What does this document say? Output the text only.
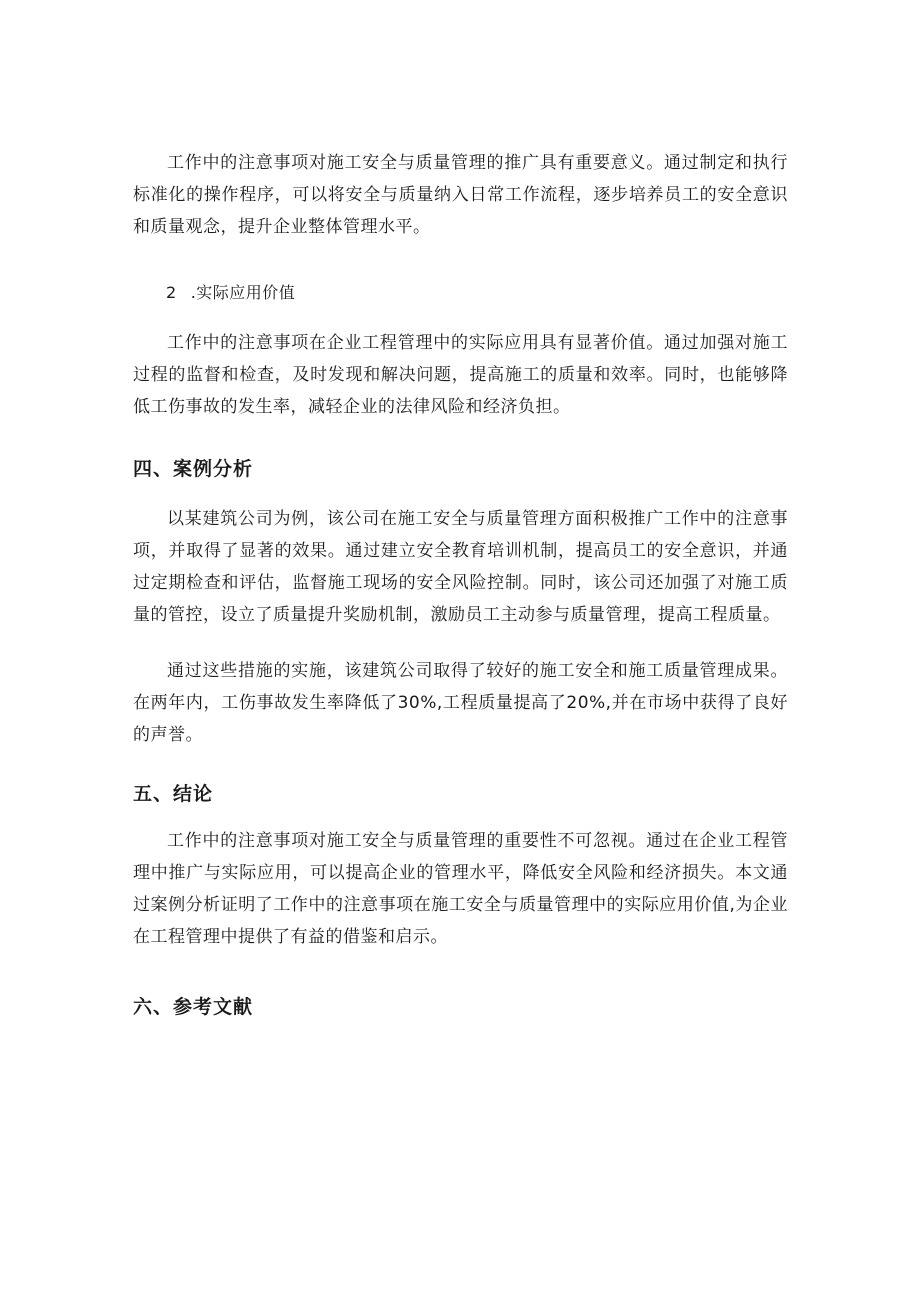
工作中的注意事项对施工安全与质量管理的推广具有重要意义。通过制定和执行标准化的操作程序，可以将安全与质量纳入日常工作流程，逐步培养员工的安全意识和质量观念，提升企业整体管理水平。

2 .实际应用价值

工作中的注意事项在企业工程管理中的实际应用具有显著价值。通过加强对施工过程的监督和检查，及时发现和解决问题，提高施工的质量和效率。同时，也能够降低工伤事故的发生率，减轻企业的法律风险和经济负担。

四、案例分析

以某建筑公司为例，该公司在施工安全与质量管理方面积极推广工作中的注意事项，并取得了显著的效果。通过建立安全教育培训机制，提高员工的安全意识，并通过定期检查和评估，监督施工现场的安全风险控制。同时，该公司还加强了对施工质量的管控，设立了质量提升奖励机制，激励员工主动参与质量管理，提高工程质量。

通过这些措施的实施，该建筑公司取得了较好的施工安全和施工质量管理成果。在两年内，工伤事故发生率降低了30%,工程质量提高了20%,并在市场中获得了良好的声誉。

五、结论

工作中的注意事项对施工安全与质量管理的重要性不可忽视。通过在企业工程管理中推广与实际应用，可以提高企业的管理水平，降低安全风险和经济损失。本文通过案例分析证明了工作中的注意事项在施工安全与质量管理中的实际应用价值,为企业在工程管理中提供了有益的借鉴和启示。

六、参考文献
